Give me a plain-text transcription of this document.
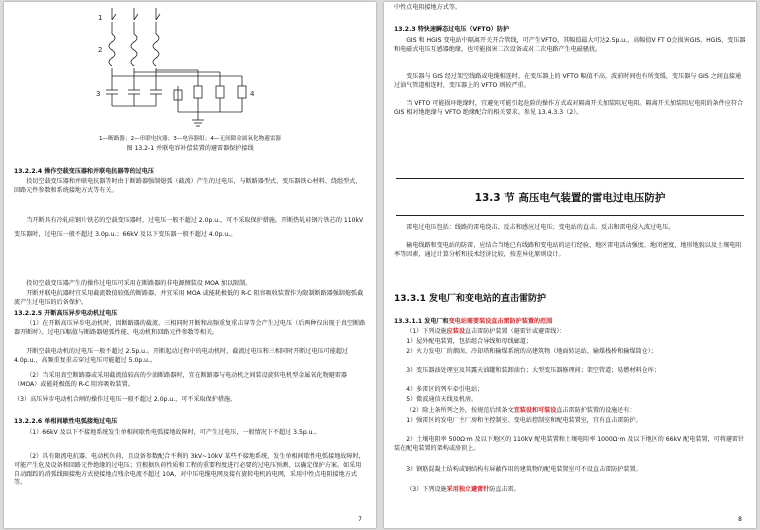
1
2
3	4

1—断路器；2—串联电抗器；3—电容器组；4—无间隙金属氧化物避雷器

图 13.2-1 并联电容补偿装置的避雷器保护接线

13.2.2.4 操作空载变压器和并联电抗器等的过电压

投切空载变压器和并联电抗器等时由于断路器强制熄弧（截流）产生的过电压，与断路器型式、变压器铁心材料、绕组型式、回路元件参数和系统接地方式等有关。

当开断具有冷轧硅钢片铁芯的空载变压器时，过电压一般不超过 2.0p.u.，可不采取保护措施。开断热轧硅钢片铁芯的 110kV 变压器时，过电压一般不超过 3.0p.u.；66kV 及以下变压器一般不超过 4.0p.u.。

投切空载变压器产生的操作过电压可采用在断路器的非电源侧装设 MOA 加以限制。

开断并联电抗器时宜采用截流数值较低的断路器，并宜采用 MOA 或能耗极低的 R-C 阻容吸收装置作为限制断路器强制熄弧截流产生过电压的后备保护。

13.2.2.5 开断高压异步电动机过电压

（1）在开断高压异步电动机时，因断路器的截流、三相同时开断和高频重复重击穿等会产生过电压（后两种仅出现于真空断路器开断时）。过电压幅值与断路器熄弧性能、电动机和回路元件参数等相关。

开断空载电动机的过电压一般不超过 2.5p.u.。开断起动过程中的电动机时，截流过电压和三相同时开断过电压可能超过 4.0p.u.，高频重复重击穿过电压可能超过 5.0p.u.。

（2）当采用真空断路器或采用截流值较高的少油断路器时，宜在断路器与电动机之间装设旋转电机型金属氧化物避雷器（MOA）或能耗极低的 R-C 阻容吸收装置。

（3）高压异步电动机合闸的操作过电压一般不超过 2.0p.u.，可不采取保护措施。

13.2.2.6 单相间歇性电弧接地过电压

（1）66kV 及以下不接地系统发生单相间歇性电弧接地故障时，可产生过电压，一般情况下不超过 3.5p.u.。

（2）具有限流电抗器、电动机负荷，且设备参数配合不利的 3kV~10kV 某些不接地系统，发生单相间歇性电弧接地故障时，可能产生危及设备和回路元件绝缘的过电压；宜根据负荷性质和工程的重要程度进行必要的过电压预测，以确定保护方案。如采用自动跟踪的消弧线圈接地方式使接地点残余电流不超过 10A，对中压电缆电网及接有旋转电机的电网，采用中性点电阻接地方式等。

7

中性点电阻接地方式等。

13.2.3 特快速瞬态过电压（VFTO）防护

GIS 和 HGIS 变电站中隔离开关开合管线，可产生VFTO，其幅值最大可达2.5p.u.，高幅值V FT O会损害GIS、HGIS、变压器和电磁式电压互感器绝缘，也可能损害二次设备或对二次电路产生电磁骚扰。

变压器与 GIS 经过架空线路或电缆相连时，在变压器上的 VFTO 幅值不高，波前时间也有所变缓，变压器与 GIS 之间直接通过油气管道相连时，变压器上的 VFTO 则较严重。

当 VFTO 可能损坏绝缘时，宜避免可能引起危险的操作方式或对隔离开关加装阻尼电阻。隔离开关加装阻尼电阻的条件应符合 GIS 相对地绝缘与 VFTO 绝缘配合的相关要求。参见 13.4.3.3（2）。

13.3 节 高压电气装置的雷电过电压防护

雷电过电压包括：线路的雷电绕击、反击和感应过电压；变电站的直击、反击和雷电侵入波过电压。

输电线路和变电站的防雷，应结合当地已有线路和变电站的运行经验、地区雷电活动强度、地闭密度、地形地貌以及土壤电阻率等因素，通过计算分析和技术经济比较，按差异化原则设计。

13.3.1 发电厂和变电站的直击雷防护

13.3.1.1 发电厂和变电站需要装设直击雷防护装置的范围

（1）下列设施应装设直击雷防护装置（避雷针或避雷线）：

1）屋外配电装置，包括组合导线和母线廊道；

2）火力发电厂的烟囱、冷却塔和输煤系统的高建筑物（地面转运站、输煤栈桥和输煤筒仓）；

3）变压器油处理室及其露天油罐和装卸油台；大型变压器修理间；架空管道；易燃材料仓库；

4）多雷区的列车牵引电站；

5）微波通信天线及机房。

（2）除上条所列之外，按规范后续条文宜装设和可装设直击雷防护装置的设施还有：

1）强雷区的发电厂主厂房和主控制室、变电站控制室和配电装置室，宜有直击雷防护。

2）土壤电阻率 500Ω·m 及以下地区的 110kV 配电装置和土壤电阻率 1000Ω·m 及以下地区的 66kV 配电装置，可将避雷针装在配电装置的架构或房顶上。

3）钢筋混凝土结构或钢结构有屏蔽作用的建筑物的配电装置室可不设直击雷防护装置。

（3）下列设施采用独立避雷针防直击雷。

8
